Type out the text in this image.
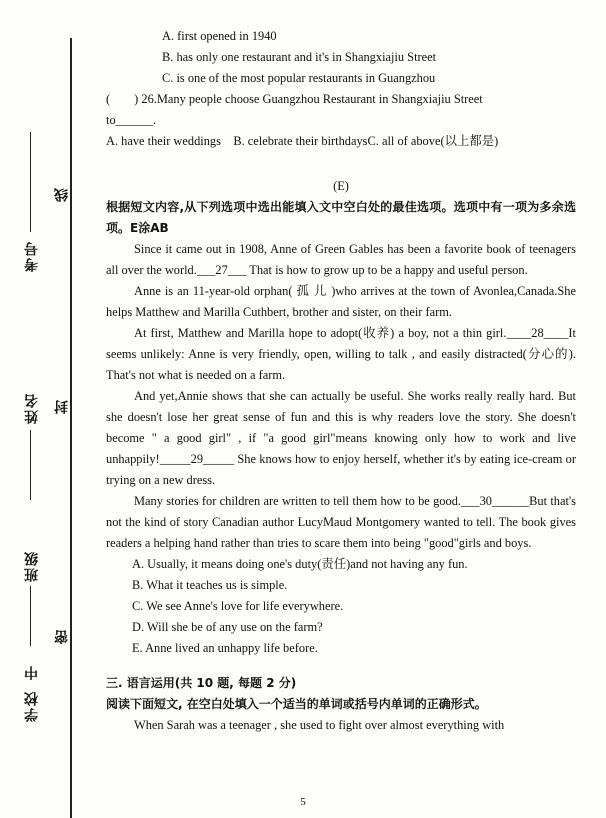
线
封
密
考号
姓名
班级
中
学校
A. first opened in 1940
B. has only one restaurant and it's in Shangxiajiu Street
C. is one of the most popular restaurants in Guangzhou
( ) 26.Many people choose Guangzhou Restaurant in Shangxiajiu Street
to______.
A. have their weddings    B. celebrate their birthdaysC. all of above(以上都是)
(E)

根据短文内容,从下列选项中选出能填入文中空白处的最佳选项。选项中有一项为多余选项。E涂AB

Since it came out in 1908, Anne of Green Gables has been a favorite book of teenagers all over the world.___27___ That is how to grow up to be a happy and useful person.

Anne is an 11-year-old orphan( 孤 儿 )who arrives at the town of Avonlea,Canada.She helps Matthew and Marilla Cuthbert, brother and sister, on their farm.

At first, Matthew and Marilla hope to adopt(收养) a boy, not a thin girl.____28____It seems unlikely: Anne is very friendly, open, willing to talk , and easily distracted(分心的). That's not what is needed on a farm.

And yet,Annie shows that she can actually be useful. She works really really hard. But she doesn't lose her great sense of fun and this is why readers love the story. She doesn't become " a good girl" , if "a good girl"means knowing only how to work and live unhappily!_____29_____ She knows how to enjoy herself, whether it's by eating ice-cream or trying on a new dress.

Many stories for children are written to tell them how to be good.___30______But that's not the kind of story Canadian author LucyMaud Montgomery wanted to tell. The book gives readers a helping hand rather than tries to scare them into being "good"girls and boys.

A. Usually, it means doing one's duty(责任)and not having any fun.
B. What it teaches us is simple.
C. We see Anne's love for life everywhere.
D. Will she be of any use on the farm?
E. Anne lived an unhappy life before.
三. 语言运用(共 10 题, 每题 2 分)
阅读下面短文, 在空白处填入一个适当的单词或括号内单词的正确形式。

When Sarah was a teenager , she used to fight over almost everything with

5
